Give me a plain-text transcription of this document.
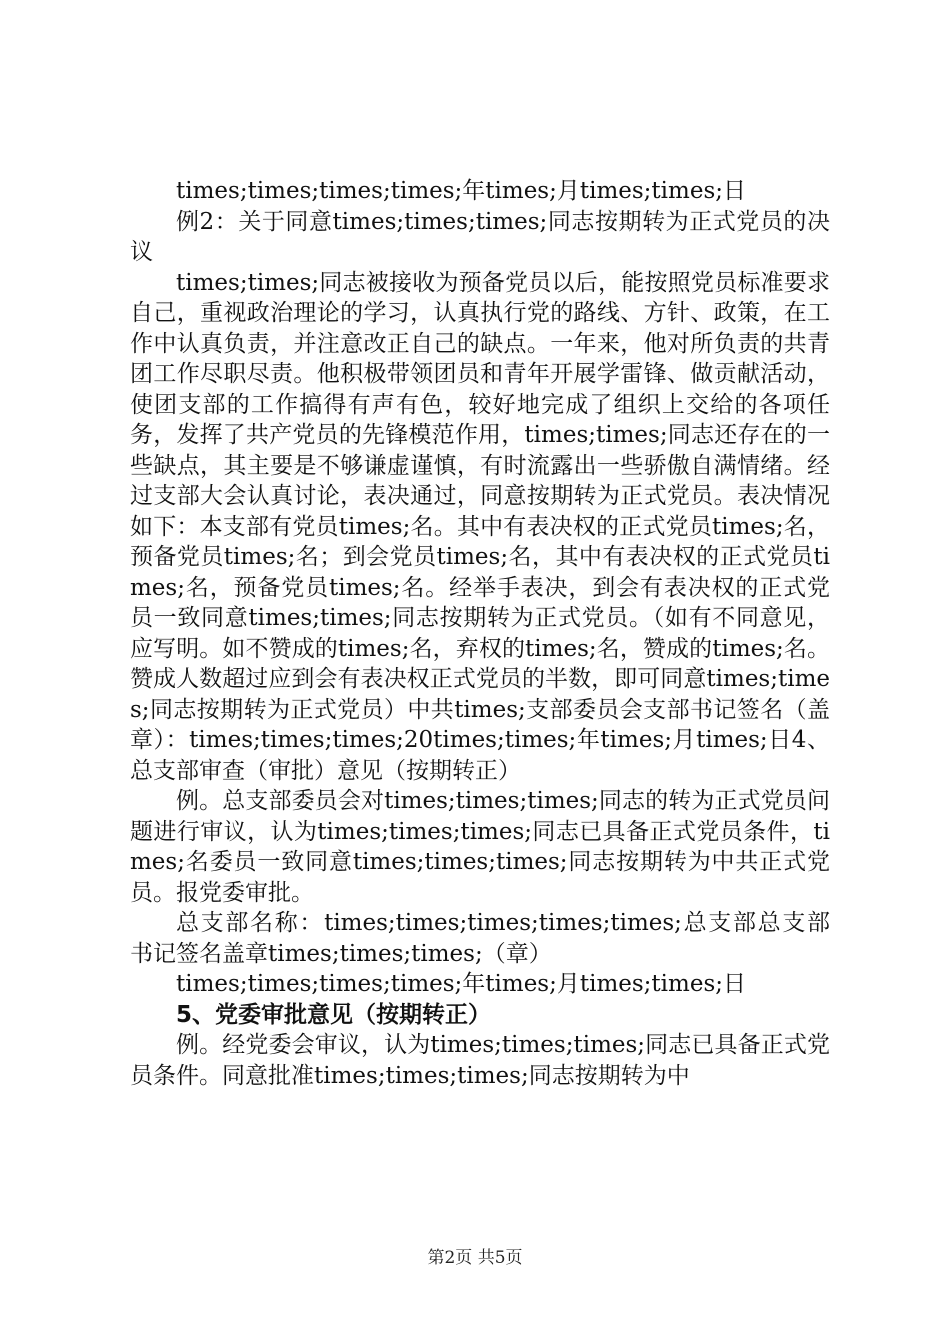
times;times;times;times;年times;月times;times;日

例2：关于同意times;times;times;同志按期转为正式党员的决议

times;times;同志被接收为预备党员以后，能按照党员标准要求自己，重视政治理论的学习，认真执行党的路线、方针、政策，在工作中认真负责，并注意改正自己的缺点。一年来，他对所负责的共青团工作尽职尽责。他积极带领团员和青年开展学雷锋、做贡献活动，使团支部的工作搞得有声有色，较好地完成了组织上交给的各项任务，发挥了共产党员的先锋模范作用，times;times;同志还存在的一些缺点，其主要是不够谦虚谨慎，有时流露出一些骄傲自满情绪。经过支部大会认真讨论，表决通过，同意按期转为正式党员。表决情况如下：本支部有党员times;名。其中有表决权的正式党员times;名，预备党员times;名；到会党员times;名，其中有表决权的正式党员times;名，预备党员times;名。经举手表决，到会有表决权的正式党员一致同意times;times;同志按期转为正式党员。（如有不同意见，应写明。如不赞成的times;名，弃权的times;名，赞成的times;名。赞成人数超过应到会有表决权正式党员的半数，即可同意times;times;同志按期转为正式党员）中共times;支部委员会支部书记签名（盖章）：times;times;times;20times;times;年times;月times;日4、总支部审查（审批）意见（按期转正）

例。总支部委员会对times;times;times;同志的转为正式党员问题进行审议，认为times;times;times;同志已具备正式党员条件，times;名委员一致同意times;times;times;同志按期转为中共正式党员。报党委审批。

总支部名称：times;times;times;times;times;总支部总支部书记签名盖章times;times;times;（章）

times;times;times;times;年times;月times;times;日

5、党委审批意见（按期转正）

例。经党委会审议，认为times;times;times;同志已具备正式党员条件。同意批准times;times;times;同志按期转为中

第2页 共5页
